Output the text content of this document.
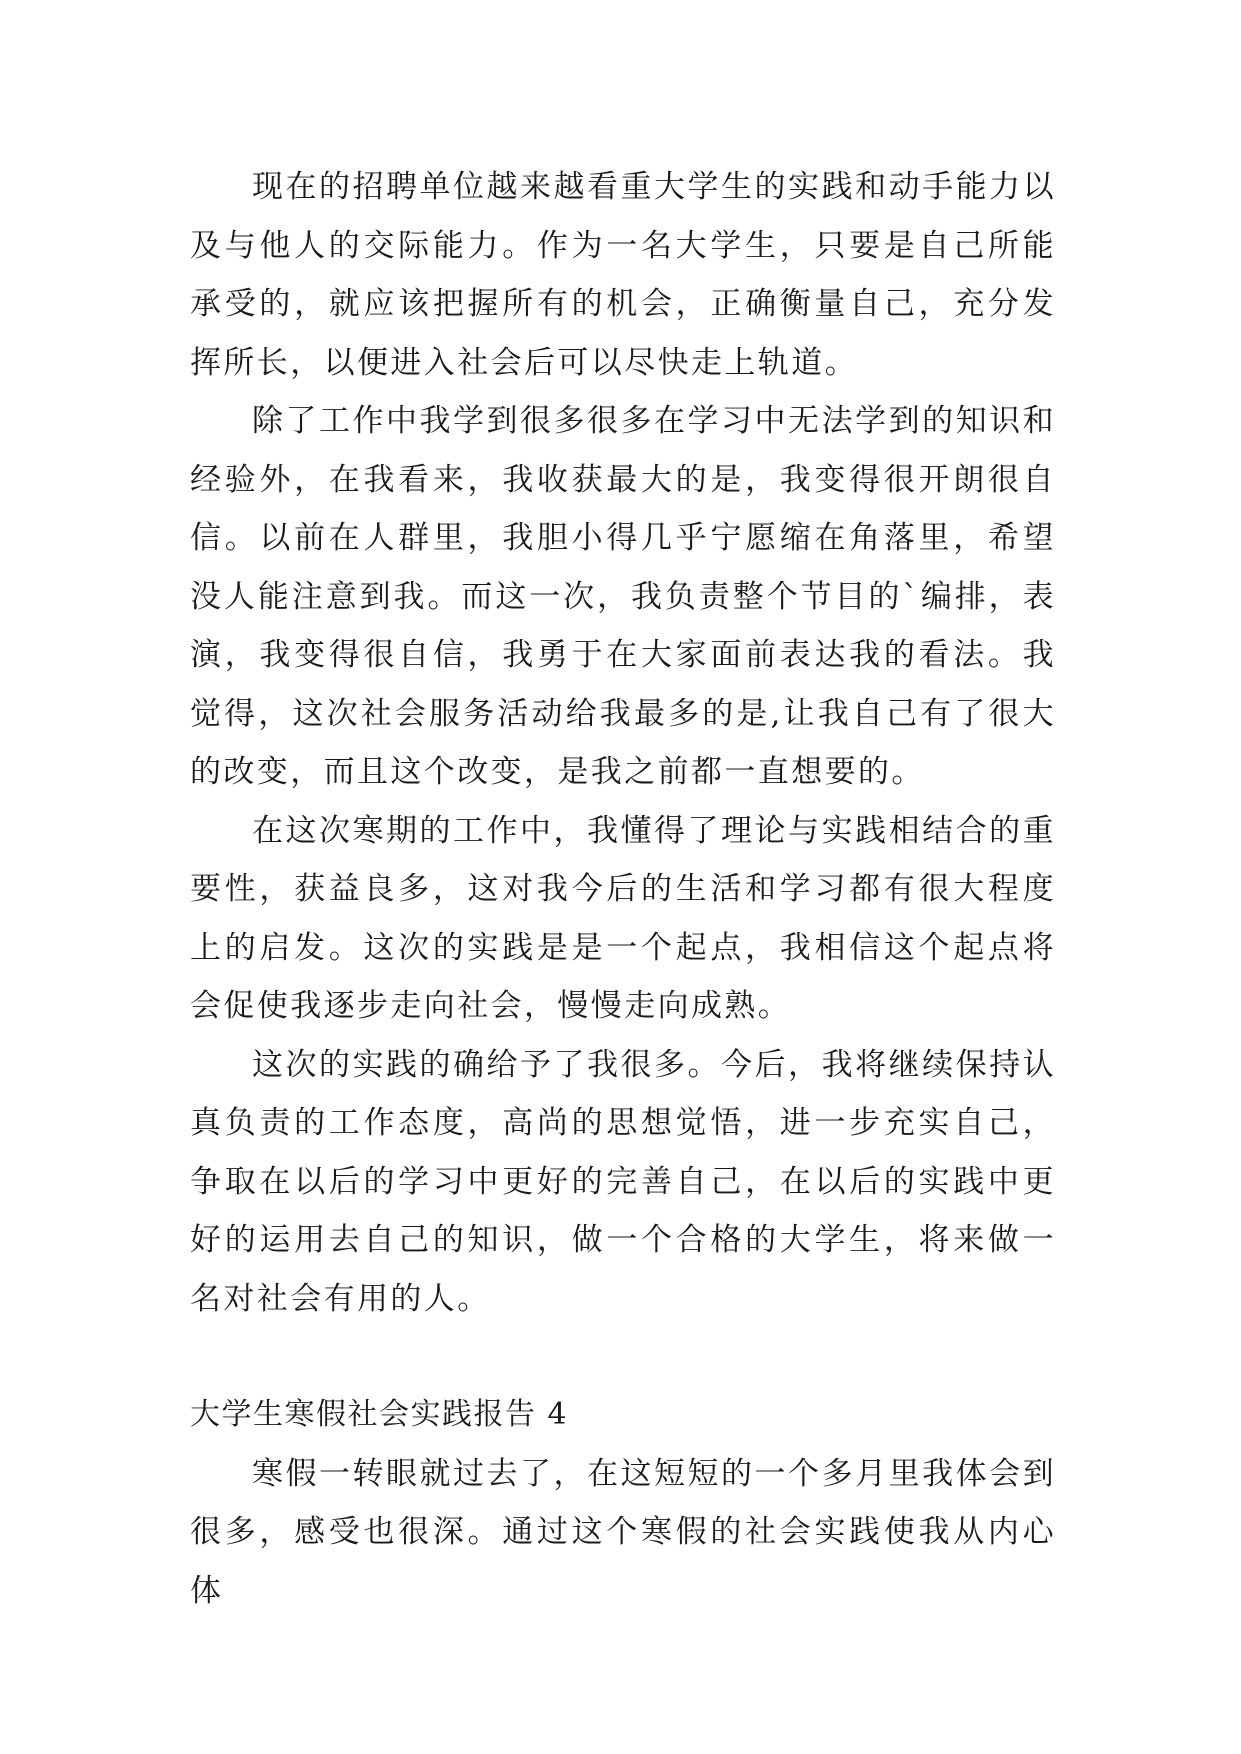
现在的招聘单位越来越看重大学生的实践和动手能力以及与他人的交际能力。作为一名大学生，只要是自己所能承受的，就应该把握所有的机会，正确衡量自己，充分发挥所长，以便进入社会后可以尽快走上轨道。

除了工作中我学到很多很多在学习中无法学到的知识和经验外，在我看来，我收获最大的是，我变得很开朗很自信。以前在人群里，我胆小得几乎宁愿缩在角落里，希望没人能注意到我。而这一次，我负责整个节目的`编排，表演，我变得很自信，我勇于在大家面前表达我的看法。我觉得，这次社会服务活动给我最多的是,让我自己有了很大的改变，而且这个改变，是我之前都一直想要的。

在这次寒期的工作中，我懂得了理论与实践相结合的重要性，获益良多，这对我今后的生活和学习都有很大程度上的启发。这次的实践是是一个起点，我相信这个起点将会促使我逐步走向社会，慢慢走向成熟。

这次的实践的确给予了我很多。今后，我将继续保持认真负责的工作态度，高尚的思想觉悟，进一步充实自己，争取在以后的学习中更好的完善自己，在以后的实践中更好的运用去自己的知识，做一个合格的大学生，将来做一名对社会有用的人。

大学生寒假社会实践报告 4

寒假一转眼就过去了，在这短短的一个多月里我体会到很多，感受也很深。通过这个寒假的社会实践使我从内心体
